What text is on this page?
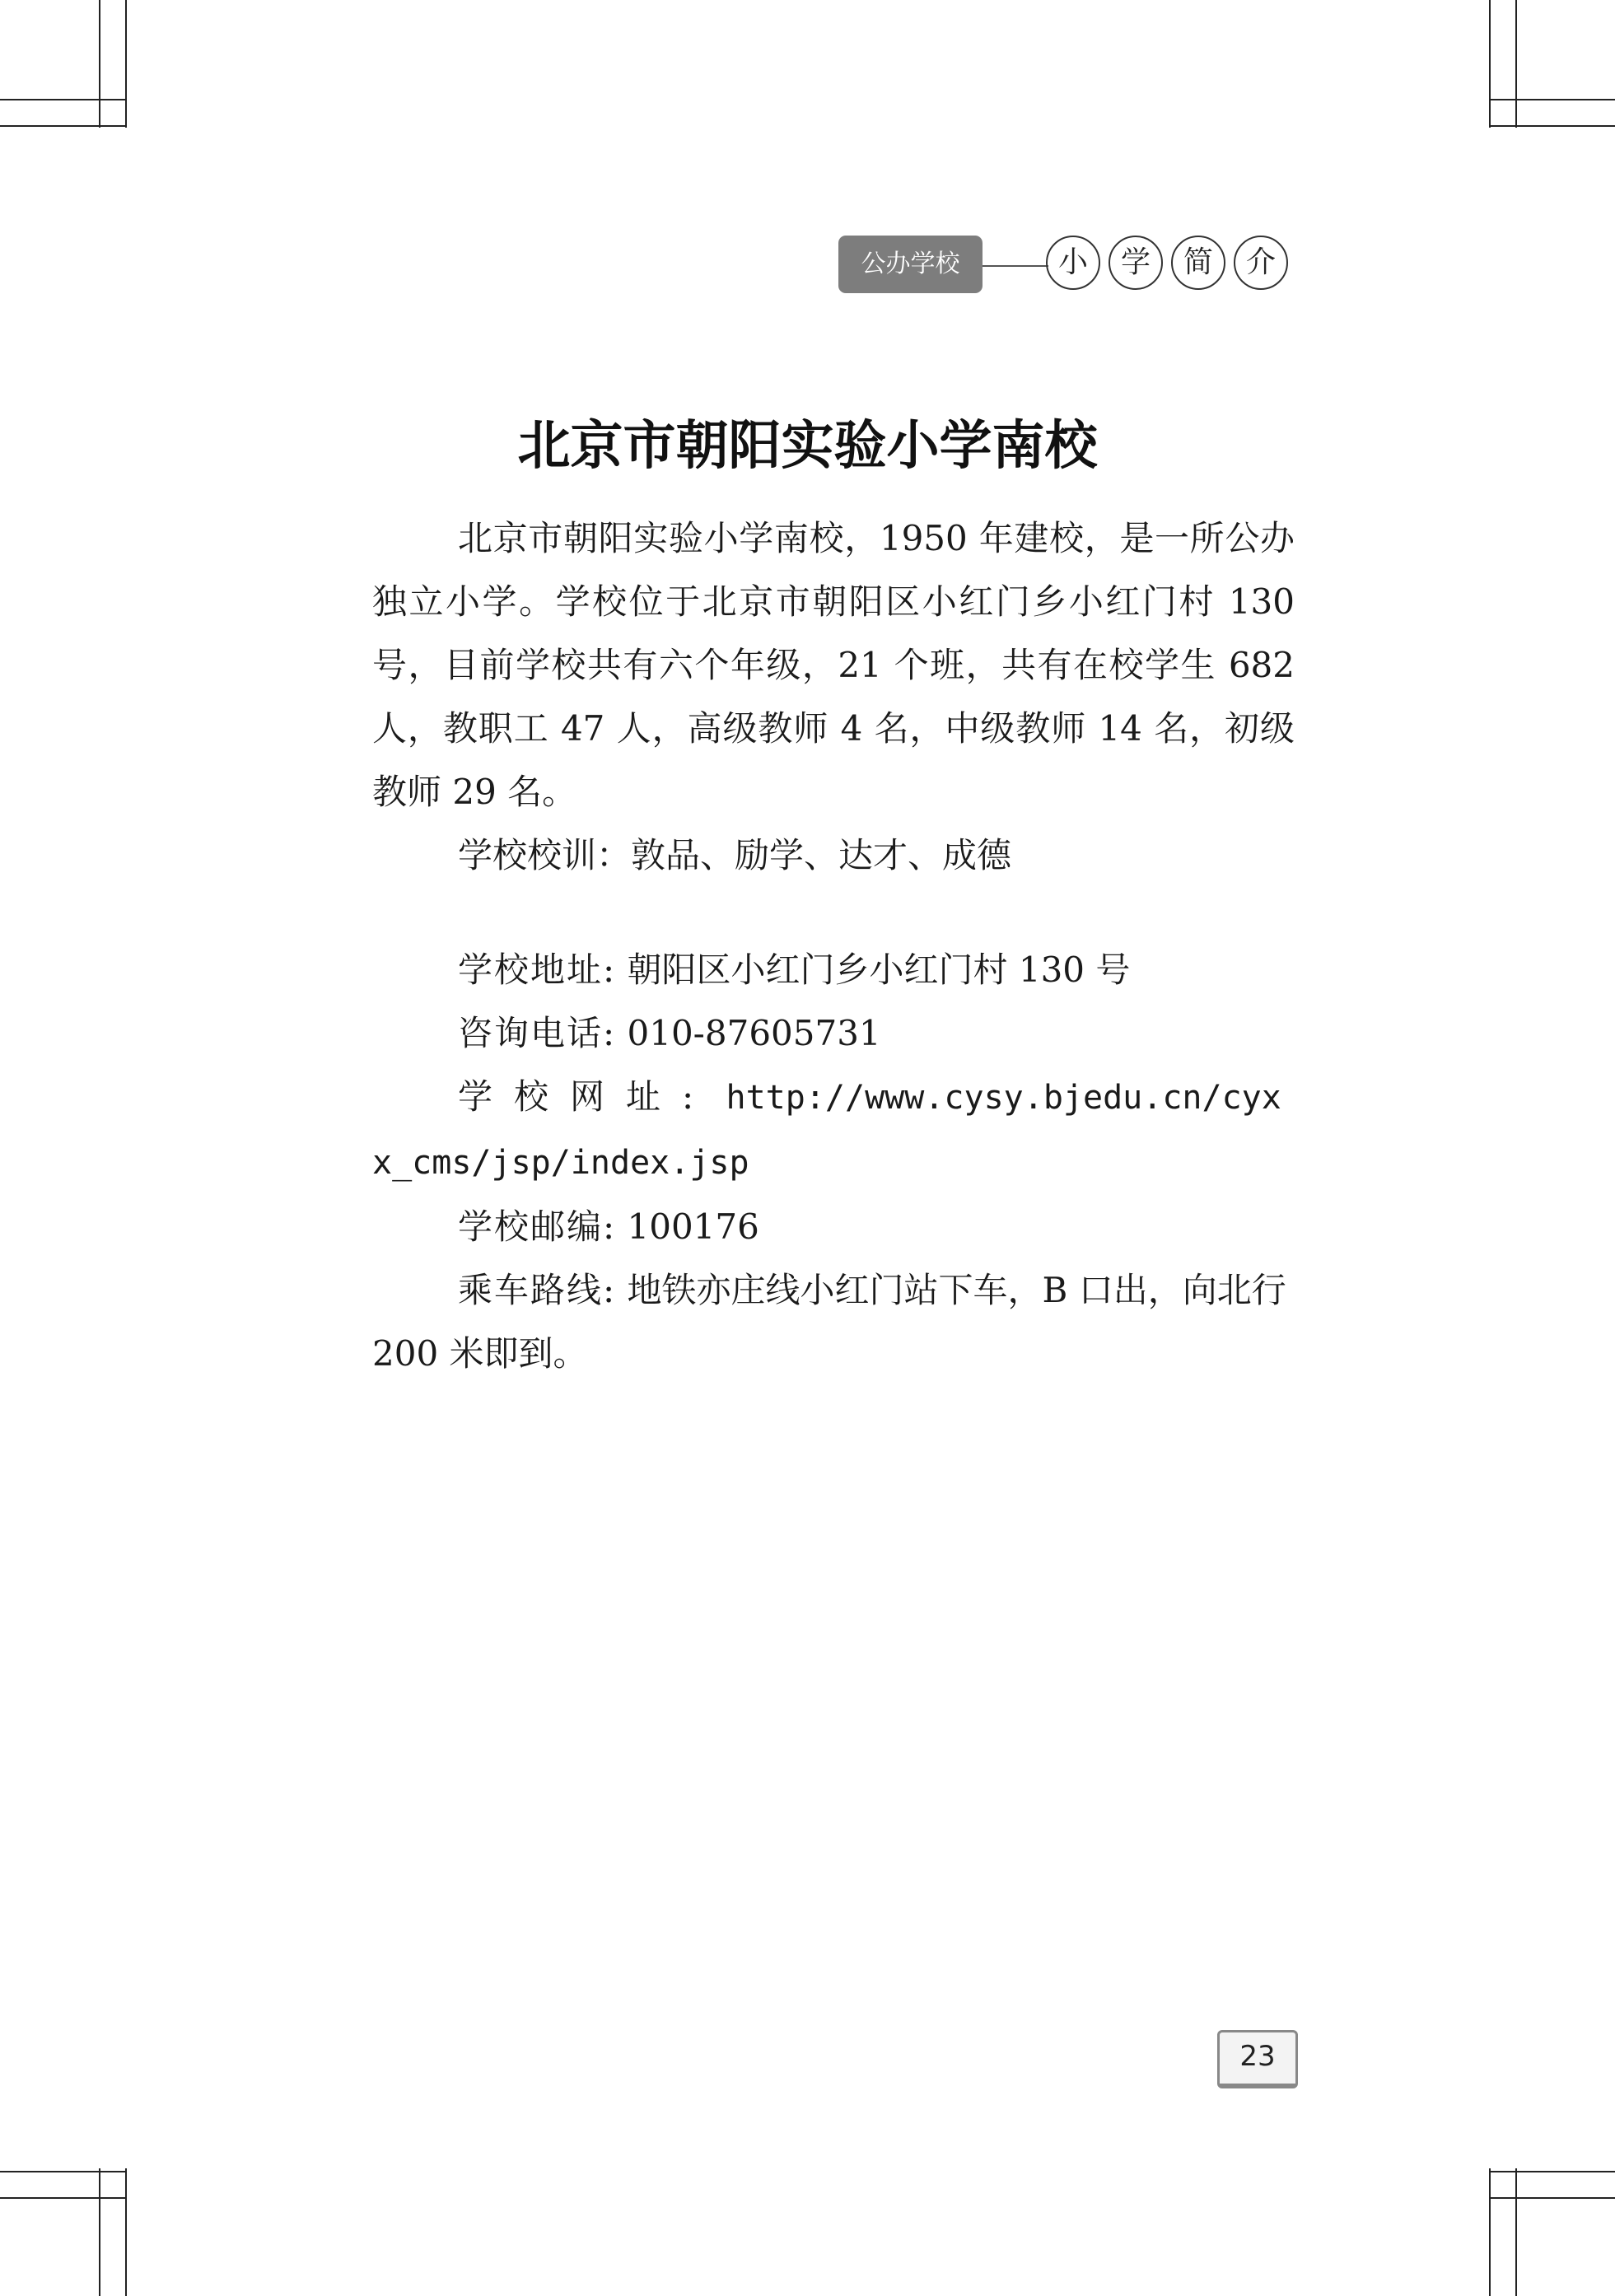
公办学校	小	学	简	介
北京市朝阳实验小学南校

北京市朝阳实验小学南校，1950 年建校，是一所公办独立小学。学校位于北京市朝阳区小红门乡小红门村 130 号，目前学校共有六个年级，21 个班，共有在校学生 682 人，教职工 47 人，高级教师 4 名，中级教师 14 名，初级教师 29 名。

学校校训：敦品、励学、达才、成德

学校地址: 朝阳区小红门乡小红门村 130 号

咨询电话: 010-87605731

学校网址: http://www.cysy.bjedu.cn/cyxx_cms/jsp/index.jsp

学校邮编: 100176

乘车路线: 地铁亦庄线小红门站下车，B 口出，向北行 200 米即到。

23
